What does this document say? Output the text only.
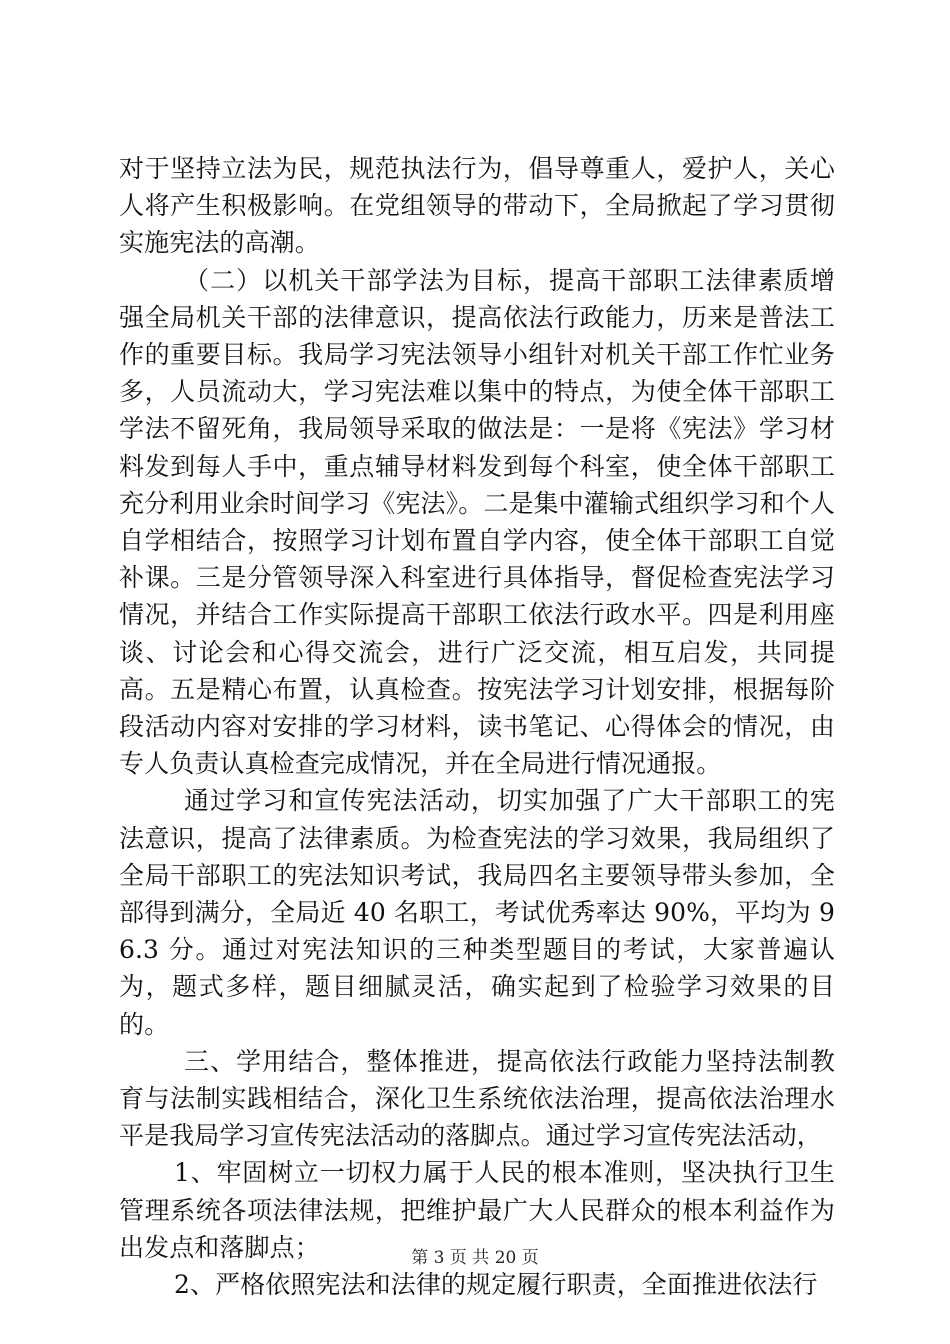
对于坚持立法为民，规范执法行为，倡导尊重人，爱护人，关心人将产生积极影响。在党组领导的带动下，全局掀起了学习贯彻实施宪法的高潮。

（二）以机关干部学法为目标，提高干部职工法律素质增强全局机关干部的法律意识，提高依法行政能力，历来是普法工作的重要目标。我局学习宪法领导小组针对机关干部工作忙业务多，人员流动大，学习宪法难以集中的特点，为使全体干部职工学法不留死角，我局领导采取的做法是：一是将《宪法》学习材料发到每人手中，重点辅导材料发到每个科室，使全体干部职工充分利用业余时间学习《宪法》。二是集中灌输式组织学习和个人自学相结合，按照学习计划布置自学内容，使全体干部职工自觉补课。三是分管领导深入科室进行具体指导，督促检查宪法学习情况，并结合工作实际提高干部职工依法行政水平。四是利用座谈、讨论会和心得交流会，进行广泛交流，相互启发，共同提高。五是精心布置，认真检查。按宪法学习计划安排，根据每阶段活动内容对安排的学习材料，读书笔记、心得体会的情况，由专人负责认真检查完成情况，并在全局进行情况通报。

通过学习和宣传宪法活动，切实加强了广大干部职工的宪法意识，提高了法律素质。为检查宪法的学习效果，我局组织了全局干部职工的宪法知识考试，我局四名主要领导带头参加，全部得到满分，全局近 40 名职工，考试优秀率达 90%，平均为 96.3 分。通过对宪法知识的三种类型题目的考试，大家普遍认为，题式多样，题目细腻灵活，确实起到了检验学习效果的目的。

三、学用结合，整体推进，提高依法行政能力坚持法制教育与法制实践相结合，深化卫生系统依法治理，提高依法治理水平是我局学习宣传宪法活动的落脚点。通过学习宣传宪法活动，

1、牢固树立一切权力属于人民的根本准则，坚决执行卫生管理系统各项法律法规，把维护最广大人民群众的根本利益作为出发点和落脚点；

2、严格依照宪法和法律的规定履行职责，全面推进依法行

第 3 页 共 20 页
